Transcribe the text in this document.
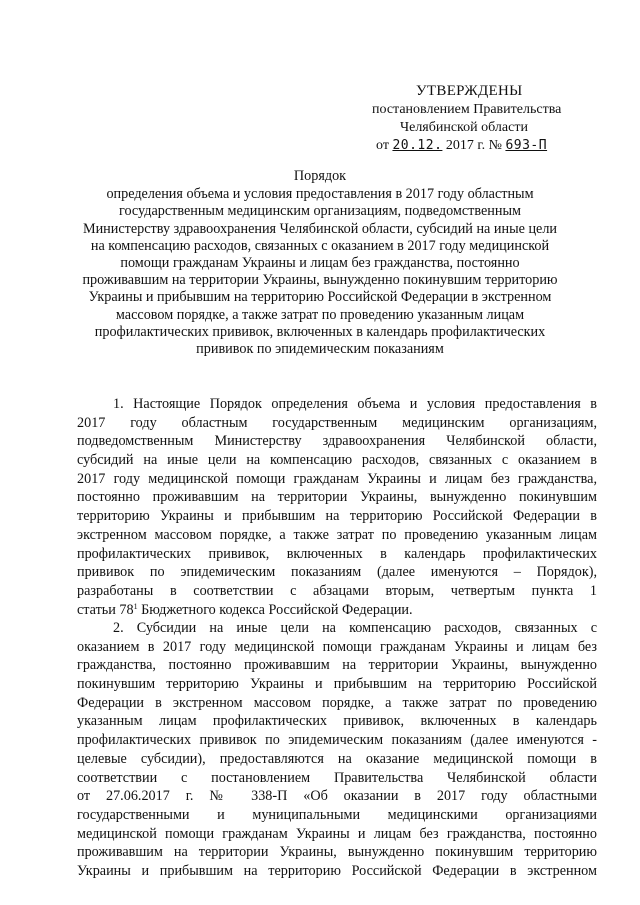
УТВЕРЖДЕНЫ
постановлением Правительства
Челябинской области
от 20.12. 2017 г. № 693-П
Порядок
определения объема и условия предоставления в 2017 году областным
государственным медицинским организациям, подведомственным
Министерству здравоохранения Челябинской области, субсидий на иные цели
на компенсацию расходов, связанных с оказанием в 2017 году медицинской
помощи гражданам Украины и лицам без гражданства, постоянно
проживавшим на территории Украины, вынужденно покинувшим территорию
Украины и прибывшим на территорию Российской Федерации в экстренном
массовом порядке, а также затрат по проведению указанным лицам
профилактических прививок, включенных в календарь профилактических
прививок по эпидемическим показаниям
1. Настоящие Порядок определения объема и условия предоставления в
2017 году областным государственным медицинским организациям,
подведомственным Министерству здравоохранения Челябинской области,
субсидий на иные цели на компенсацию расходов, связанных с оказанием в
2017 году медицинской помощи гражданам Украины и лицам без гражданства,
постоянно проживавшим на территории Украины, вынужденно покинувшим
территорию Украины и прибывшим на территорию Российской Федерации в
экстренном массовом порядке, а также затрат по проведению указанным лицам
профилактических прививок, включенных в календарь профилактических
прививок по эпидемическим показаниям (далее именуются – Порядок),
разработаны в соответствии с абзацами вторым, четвертым пункта 1
статьи $78^1$ Бюджетного кодекса Российской Федерации.
2. Субсидии на иные цели на компенсацию расходов, связанных с
оказанием в 2017 году медицинской помощи гражданам Украины и лицам без
гражданства, постоянно проживавшим на территории Украины, вынужденно
покинувшим территорию Украины и прибывшим на территорию Российской
Федерации в экстренном массовом порядке, а также затрат по проведению
указанным лицам профилактических прививок, включенных в календарь
профилактических прививок по эпидемическим показаниям (далее именуются -
целевые субсидии), предоставляются на оказание медицинской помощи в
соответствии с постановлением Правительства Челябинской области
от 27.06.2017 г. № 338-П «Об оказании в 2017 году областными
государственными и муниципальными медицинскими организациями
медицинской помощи гражданам Украины и лицам без гражданства, постоянно
проживавшим на территории Украины, вынужденно покинувшим территорию
Украины и прибывшим на территорию Российской Федерации в экстренном
